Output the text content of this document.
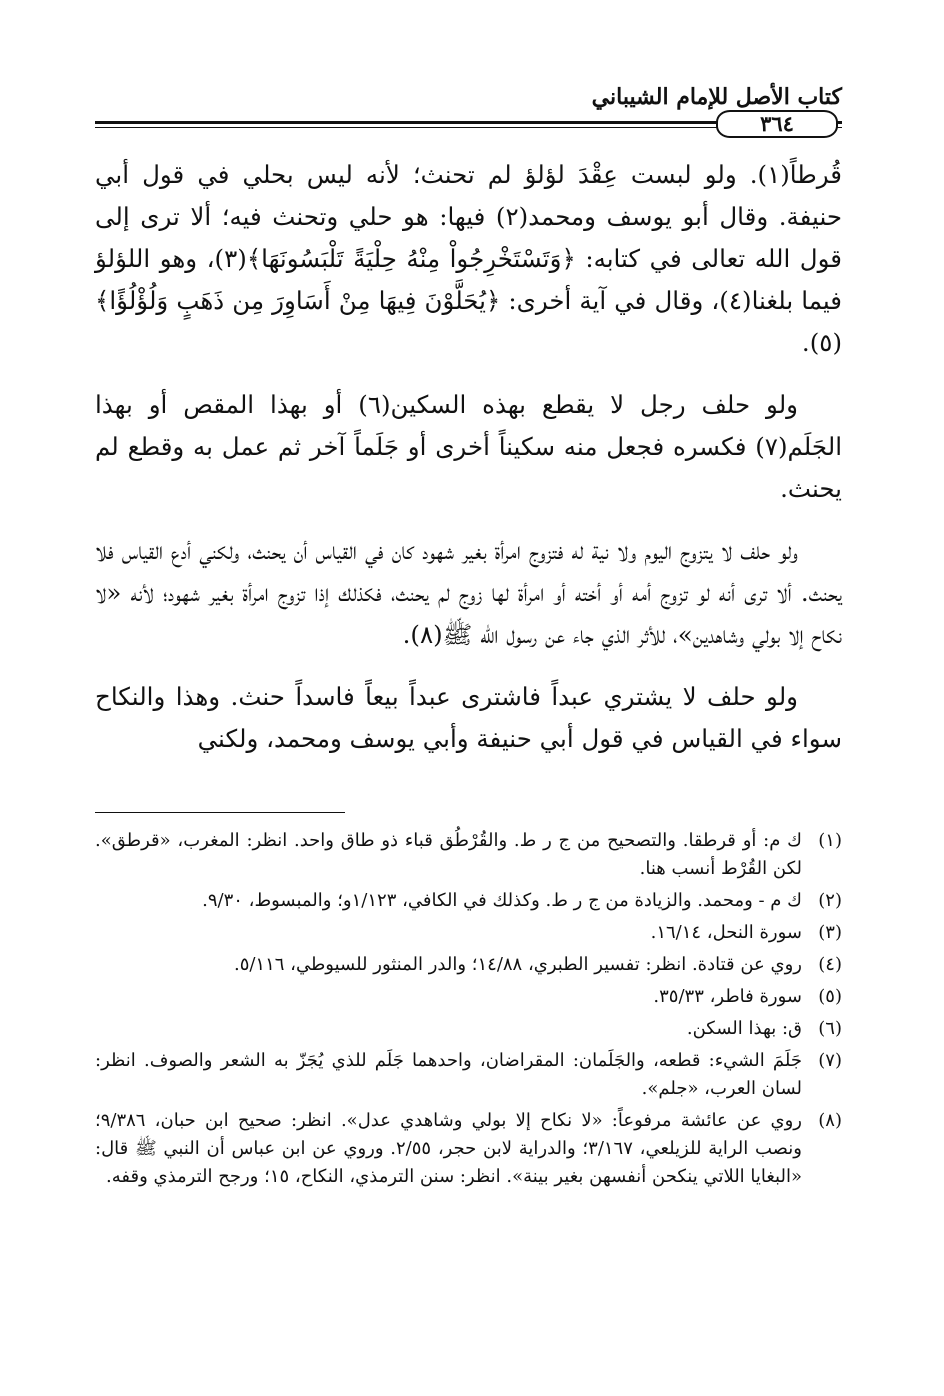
كتاب الأصل للإمام الشيباني
٣٦٤

قُرطاً(١). ولو لبست عِقْدَ لؤلؤ لم تحنث؛ لأنه ليس بحلي في قول أبي حنيفة. وقال أبو يوسف ومحمد(٢) فيها: هو حلي وتحنث فيه؛ ألا ترى إلى قول الله تعالى في كتابه: ﴿وَتَسْتَخْرِجُواْ مِنْهُ حِلْيَةً تَلْبَسُونَهَا﴾(٣)، وهو اللؤلؤ فيما بلغنا(٤)، وقال في آية أخرى: ﴿يُحَلَّوْنَ فِيهَا مِنْ أَسَاوِرَ مِن ذَهَبٍ وَلُؤْلُؤًا﴾(٥).

ولو حلف رجل لا يقطع بهذه السكين(٦) أو بهذا المقص أو بهذا الجَلَم(٧) فكسره فجعل منه سكيناً أخرى أو جَلَماً آخر ثم عمل به وقطع لم يحنث.

ولو حلف لا يتزوج اليوم ولا نية له فتزوج امرأة بغير شهود كان في القياس أن يحنث، ولكني أدع القياس فلا يحنث. ألا ترى أنه لو تزوج أمه أو أخته أو امرأة لها زوج لم يحنث، فكذلك إذا تزوج امرأة بغير شهود؛ لأنه «لا نكاح إلا بولي وشاهدين»، للأثر الذي جاء عن رسول الله ﷺ(٨).

ولو حلف لا يشتري عبداً فاشترى عبداً بيعاً فاسداً حنث. وهذا والنكاح سواء في القياس في قول أبي حنيفة وأبي يوسف ومحمد، ولكني

(١)
ك م: أو قرطقا. والتصحيح من ج ر ط. والقُرْطُق قباء ذو طاق واحد. انظر: المغرب، «قرطق». لكن القُرْط أنسب هنا.
(٢)
ك م - ومحمد. والزيادة من ج ر ط. وكذلك في الكافي، ١/١٢٣و؛ والمبسوط، ٩/٣٠.
(٣)
سورة النحل، ١٦/١٤.
(٤)
روي عن قتادة. انظر: تفسير الطبري، ١٤/٨٨؛ والدر المنثور للسيوطي، ٥/١١٦.
(٥)
سورة فاطر، ٣٥/٣٣.
(٦)
ق: بهذا السكن.
(٧)
جَلَمَ الشيء: قطعه، والجَلَمان: المقراضان، واحدهما جَلَم للذي يُجَزّ به الشعر والصوف. انظر: لسان العرب، «جلم».
(٨)
روي عن عائشة مرفوعاً: «لا نكاح إلا بولي وشاهدي عدل». انظر: صحيح ابن حبان، ٩/٣٨٦؛ ونصب الراية للزيلعي، ٣/١٦٧؛ والدراية لابن حجر، ٢/٥٥. وروي عن ابن عباس أن النبي ﷺ قال: «البغايا اللاتي ينكحن أنفسهن بغير بينة». انظر: سنن الترمذي، النكاح، ١٥؛ ورجح الترمذي وقفه.
